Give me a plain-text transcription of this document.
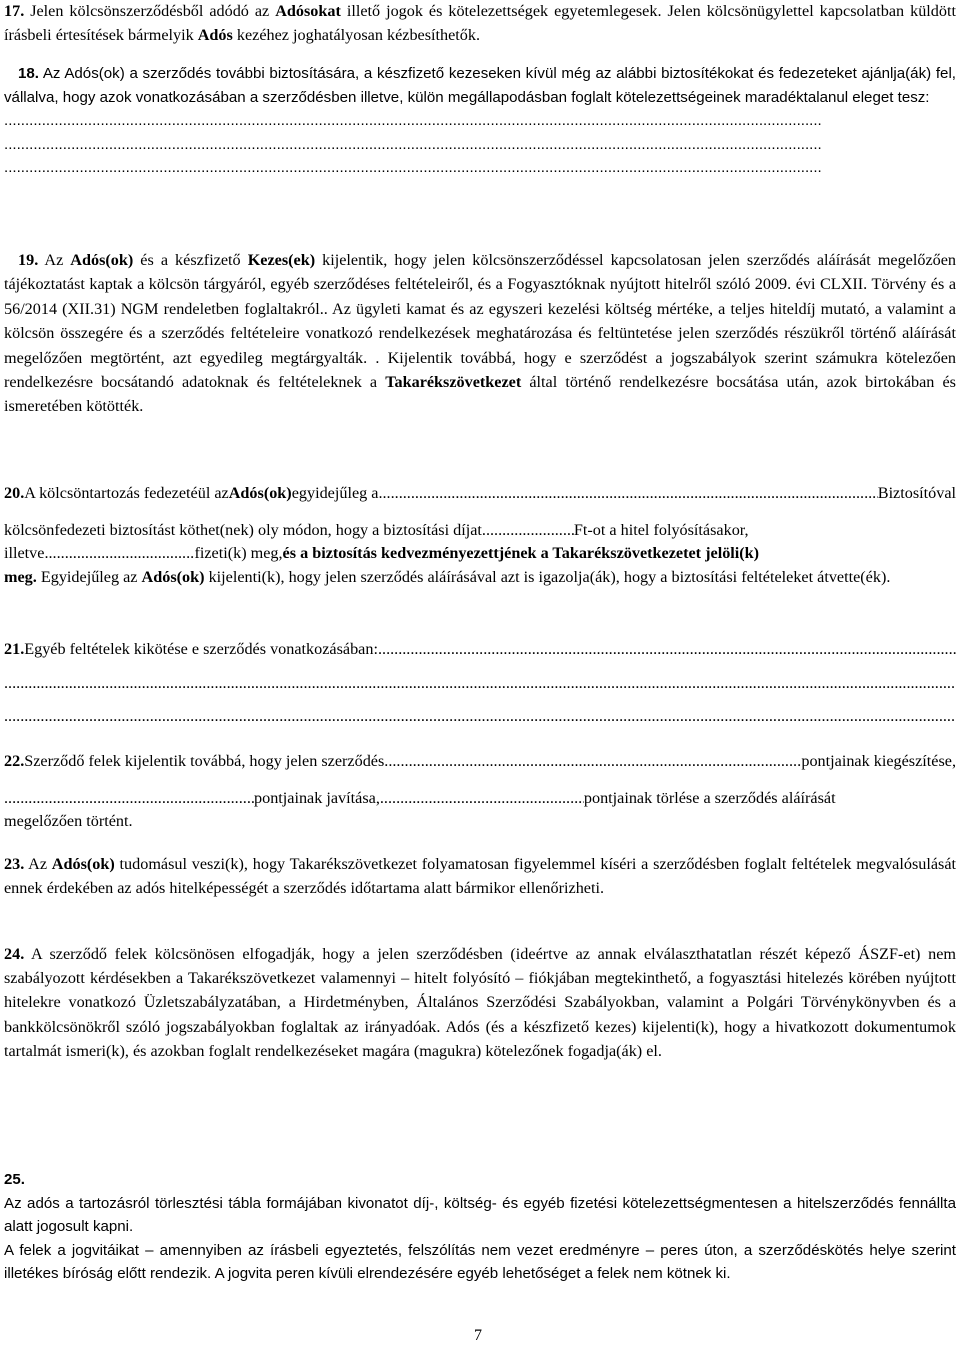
17. Jelen kölcsönszerződésből adódó az Adósokat illető jogok és kötelezettségek egyetemlegesek. Jelen kölcsönügylettel kapcsolatban küldött írásbeli értesítések bármelyik Adós kezéhez joghatályosan kézbesíthetők.

18. Az Adós(ok) a szerződés további biztosítására, a készfizető kezeseken kívül még az alábbi biztosítékokat és fedezeteket ajánlja(ák) fel, vállalva, hogy azok vonatkozásában a szerződésben illetve, külön megállapodásban foglalt kötelezettségeinek maradéktalanul eleget tesz:

...................................................................................................................................................................................................
...................................................................................................................................................................................................
...................................................................................................................................................................................................

19. Az Adós(ok) és a készfizető Kezes(ek) kijelentik, hogy jelen kölcsönszerződéssel kapcsolatosan jelen szerződés aláírását megelőzően tájékoztatást kaptak a kölcsön tárgyáról, egyéb szerződéses feltételeiről, és a Fogyasztóknak nyújtott hitelről szóló 2009. évi CLXII. Törvény és a 56/2014 (XII.31) NGM rendeletben foglaltakról.. Az ügyleti kamat és az egyszeri kezelési költség mértéke, a teljes hiteldíj mutató, a valamint a kölcsön összegére és a szerződés feltételeire vonatkozó rendelkezések meghatározása és feltüntetése jelen szerződés részükről történő aláírását megelőzően megtörtént, azt egyedileg megtárgyalták. . Kijelentik továbbá, hogy e szerződést a jogszabályok szerint számukra kötelezően rendelkezésre bocsátandó adatoknak és feltételeknek a Takarékszövetkezet által történő rendelkezésre bocsátása után, azok birtokában és ismeretében kötötték.

20. A kölcsöntartozás fedezetéül az Adós(ok) egyidejűleg a .....	Biztosítóval
kölcsönfedezeti biztosítást köthet(nek) oly módon, hogy a biztosítási díjat .....	Ft-ot a hitel folyósításakor,
illetve .....	fizeti(k) meg, és a biztosítás kedvezményezettjének a Takarékszövetkezetet jelöli(k)

meg. Egyidejűleg az Adós(ok) kijelenti(k), hogy jelen szerződés aláírásával azt is igazolja(ák), hogy a biztosítási feltételeket átvette(ék).

21. Egyéb feltételek kikötése e szerződés vonatkozásában:
.....
.....
.....
22. Szerződő felek kijelentik továbbá, hogy jelen szerződés .....	pontjainak kiegészítése,
.....
pontjainak javítása, .....	pontjainak törlése a szerződés aláírását
megelőzően történt.

23. Az Adós(ok) tudomásul veszi(k), hogy Takarékszövetkezet folyamatosan figyelemmel kíséri a szerződésben foglalt feltételek megvalósulását ennek érdekében az adós hitelképességét a szerződés időtartama alatt bármikor ellenőrizheti.

24. A szerződő felek kölcsönösen elfogadják, hogy a jelen szerződésben (ideértve az annak elválaszthatatlan részét képező ÁSZF-et) nem szabályozott kérdésekben a Takarékszövetkezet valamennyi – hitelt folyósító – fiókjában megtekinthető, a fogyasztási hitelezés körében nyújtott hitelekre vonatkozó Üzletszabályzatában, a Hirdetményben, Általános Szerződési Szabályokban, valamint a Polgári Törvénykönyvben és a bankkölcsönökről szóló jogszabályokban foglaltak az irányadóak. Adós (és a készfizető kezes) kijelenti(k), hogy a hivatkozott dokumentumok tartalmát ismeri(k), és azokban foglalt rendelkezéseket magára (magukra) kötelezőnek fogadja(ák) el.

25.

Az adós a tartozásról törlesztési tábla formájában kivonatot díj-, költség- és egyéb fizetési kötelezettségmentesen a hitelszerződés fennállta alatt jogosult kapni.

A felek a jogvitáikat – amennyiben az írásbeli egyeztetés, felszólítás nem vezet eredményre – peres úton, a szerződéskötés helye szerint illetékes bíróság előtt rendezik. A jogvita peren kívüli elrendezésére egyéb lehetőséget a felek nem kötnek ki.

7
